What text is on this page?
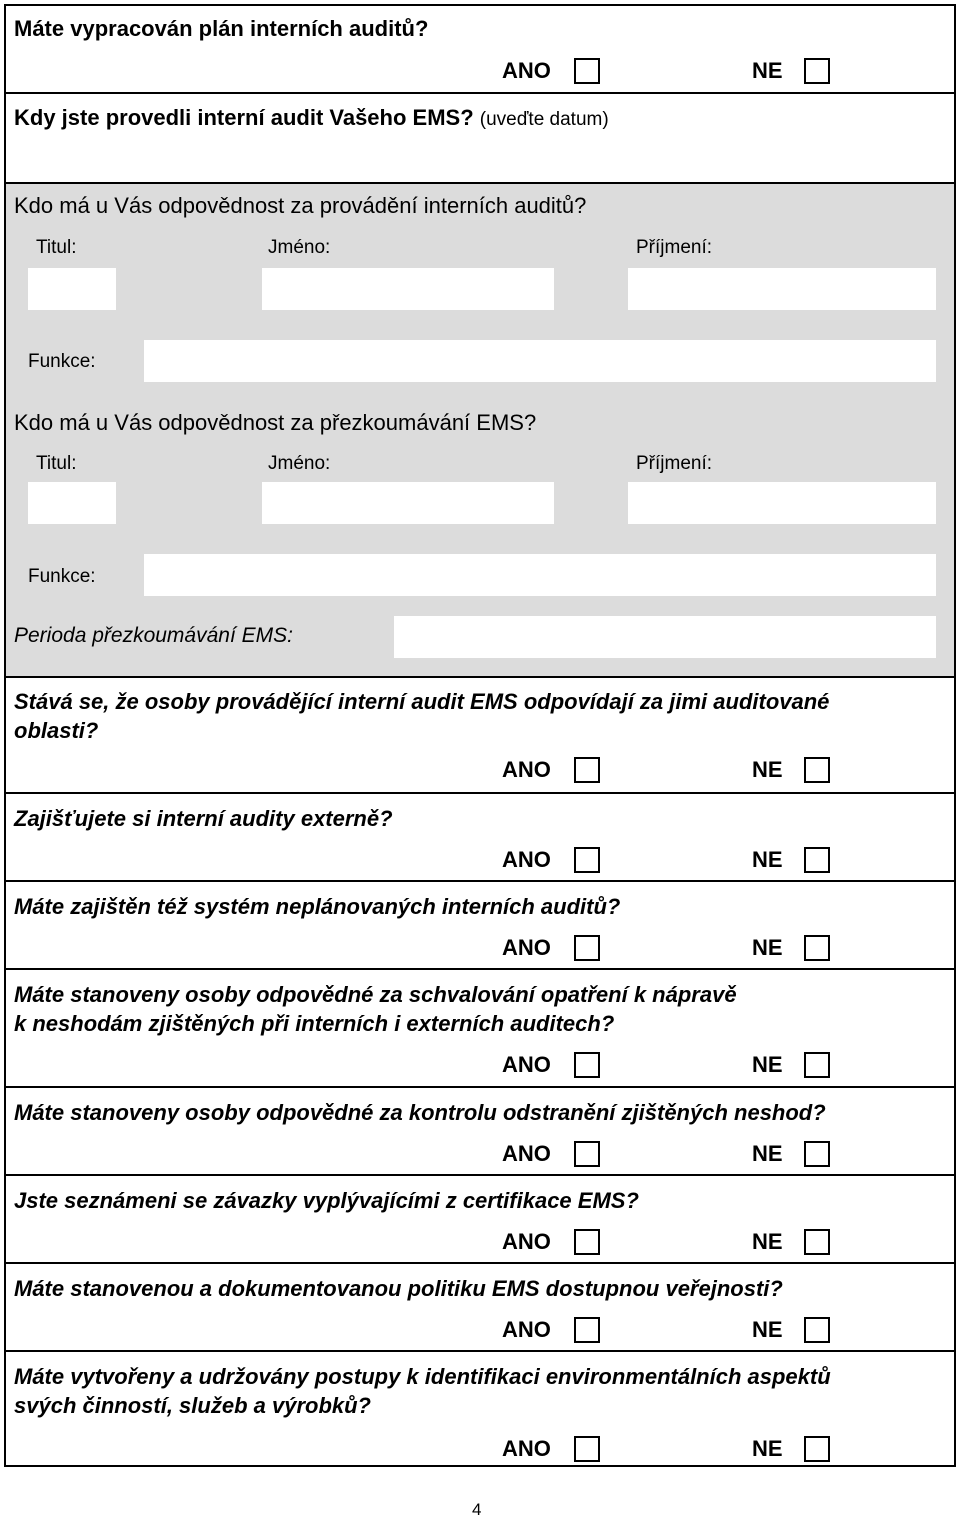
Máte vypracován plán interních auditů?
ANO	NE
Kdy jste provedli interní audit Vašeho EMS? (uveďte datum)
Kdo má u Vás odpovědnost za provádění interních auditů?
Titul:	Jméno:	Příjmení:
Funkce:
Kdo má u Vás odpovědnost za přezkoumávání EMS?
Titul:	Jméno:	Příjmení:
Funkce:
Perioda přezkoumávání EMS:
Stává se, že osoby provádějící interní audit EMS odpovídají za jimi auditované
oblasti?
ANO	NE
Zajišťujete si interní audity externě?
ANO	NE
Máte zajištěn též systém neplánovaných interních auditů?
ANO	NE
Máte stanoveny osoby odpovědné za schvalování opatření k nápravě
k neshodám zjištěných při interních i externích auditech?
ANO	NE
Máte stanoveny osoby odpovědné za kontrolu odstranění zjištěných neshod?
ANO	NE
Jste seznámeni se závazky vyplývajícími z certifikace EMS?
ANO	NE
Máte stanovenou a dokumentovanou politiku EMS dostupnou veřejnosti?
ANO	NE
Máte vytvořeny a udržovány postupy k identifikaci environmentálních aspektů
svých činností, služeb a výrobků?
ANO	NE
4
